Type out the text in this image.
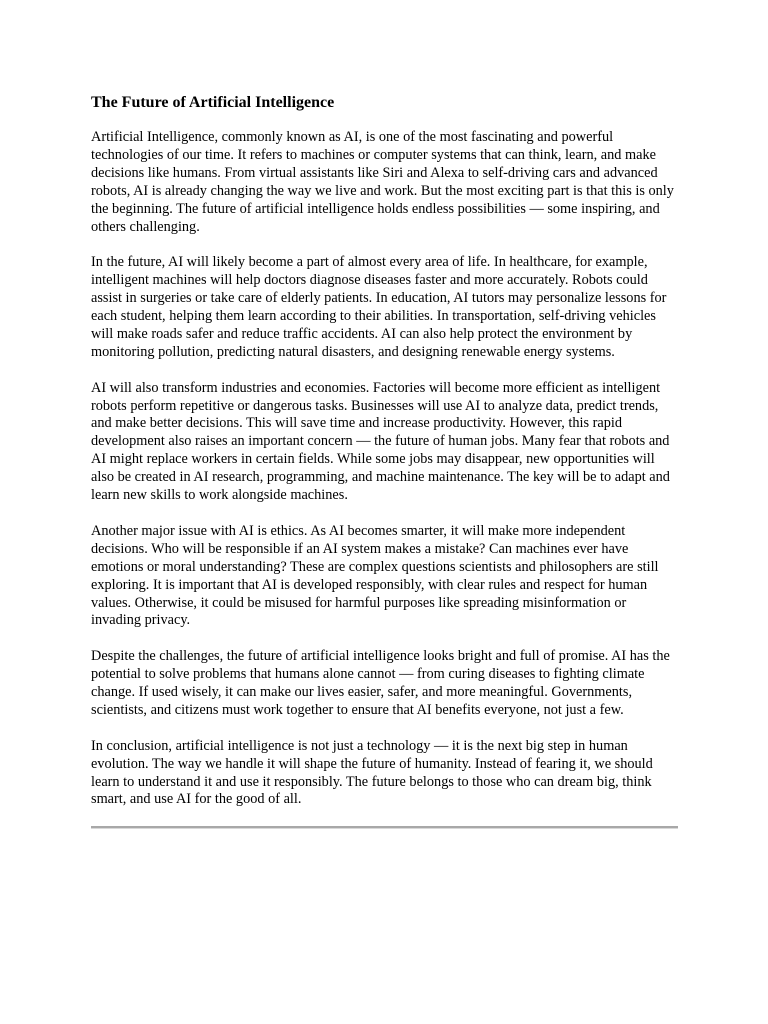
The Future of Artificial Intelligence

Artificial Intelligence, commonly known as AI, is one of the most fascinating and powerful technologies of our time. It refers to machines or computer systems that can think, learn, and make decisions like humans. From virtual assistants like Siri and Alexa to self-driving cars and advanced robots, AI is already changing the way we live and work. But the most exciting part is that this is only the beginning. The future of artificial intelligence holds endless possibilities — some inspiring, and others challenging.

In the future, AI will likely become a part of almost every area of life. In healthcare, for example, intelligent machines will help doctors diagnose diseases faster and more accurately. Robots could assist in surgeries or take care of elderly patients. In education, AI tutors may personalize lessons for each student, helping them learn according to their abilities. In transportation, self-driving vehicles will make roads safer and reduce traffic accidents. AI can also help protect the environment by monitoring pollution, predicting natural disasters, and designing renewable energy systems.

AI will also transform industries and economies. Factories will become more efficient as intelligent robots perform repetitive or dangerous tasks. Businesses will use AI to analyze data, predict trends, and make better decisions. This will save time and increase productivity. However, this rapid development also raises an important concern — the future of human jobs. Many fear that robots and AI might replace workers in certain fields. While some jobs may disappear, new opportunities will also be created in AI research, programming, and machine maintenance. The key will be to adapt and learn new skills to work alongside machines.

Another major issue with AI is ethics. As AI becomes smarter, it will make more independent decisions. Who will be responsible if an AI system makes a mistake? Can machines ever have emotions or moral understanding? These are complex questions scientists and philosophers are still exploring. It is important that AI is developed responsibly, with clear rules and respect for human values. Otherwise, it could be misused for harmful purposes like spreading misinformation or invading privacy.

Despite the challenges, the future of artificial intelligence looks bright and full of promise. AI has the potential to solve problems that humans alone cannot — from curing diseases to fighting climate change. If used wisely, it can make our lives easier, safer, and more meaningful. Governments, scientists, and citizens must work together to ensure that AI benefits everyone, not just a few.

In conclusion, artificial intelligence is not just a technology — it is the next big step in human evolution. The way we handle it will shape the future of humanity. Instead of fearing it, we should learn to understand it and use it responsibly. The future belongs to those who can dream big, think smart, and use AI for the good of all.
